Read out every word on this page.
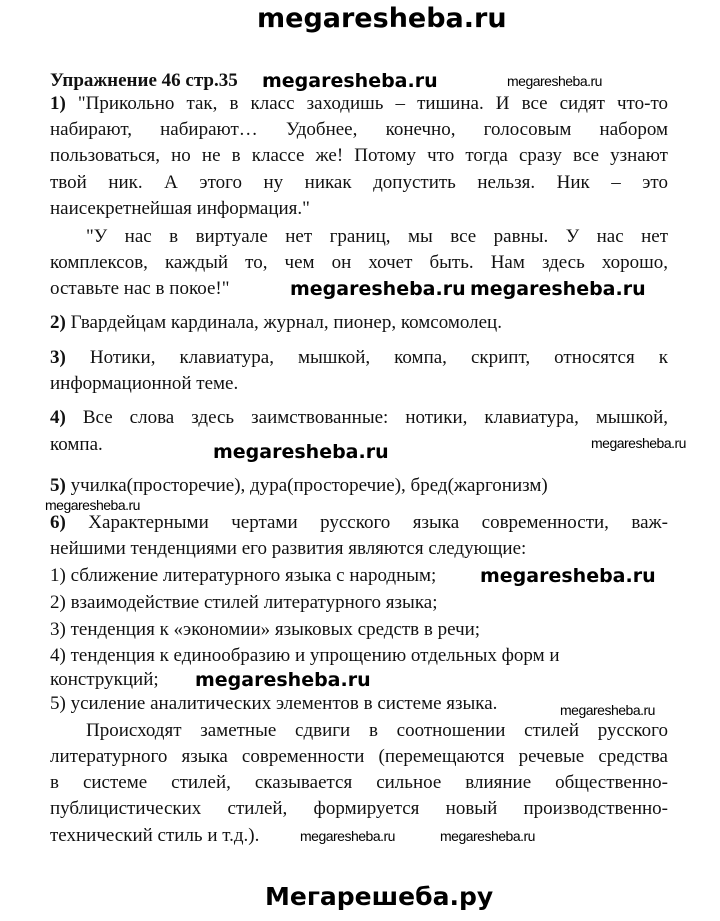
megaresheba.ru
Упражнение 46 стр.35
1) "Прикольно так, в класс заходишь – тишина. И все сидят что-то
набирают, набирают… Удобнее, конечно, голосовым набором
пользоваться, но не в классе же! Потому что тогда сразу все узнают
твой ник. А этого ну никак допустить нельзя. Ник – это
наисекретнейшая информация."
"У нас в виртуале нет границ, мы все равны. У нас нет
комплексов, каждый то, чем он хочет быть. Нам здесь хорошо,
оставьте нас в покое!"
2) Гвардейцам кардинала, журнал, пионер, комсомолец.
3) Нотики, клавиатура, мышкой, компа, скрипт, относятся к
информационной теме.
4) Все слова здесь заимствованные: нотики, клавиатура, мышкой,
компа.
5) училка(просторечие), дура(просторечие), бред(жаргонизм)
6) Характерными чертами русского языка современности, важ-
нейшими тенденциями его развития являются следующие:
1) сближение литературного языка с народным;
2) взаимодействие стилей литературного языка;
3) тенденция к «экономии» языковых средств в речи;
4) тенденция к единообразию и упрощению отдельных форм и
конструкций;
5) усиление аналитических элементов в системе языка.
Происходят заметные сдвиги в соотношении стилей русского
литературного языка современности (перемещаются речевые средства
в системе стилей, сказывается сильное влияние общественно-
публицистических стилей, формируется новый производственно-
технический стиль и т.д.).
megaresheba.ru	megaresheba.ru
megaresheba.ru megaresheba.ru
megaresheba.ru	megaresheba.ru
megaresheba.ru
megaresheba.ru
megaresheba.ru
megaresheba.ru
megaresheba.ru	megaresheba.ru
Мегарешеба.ру
